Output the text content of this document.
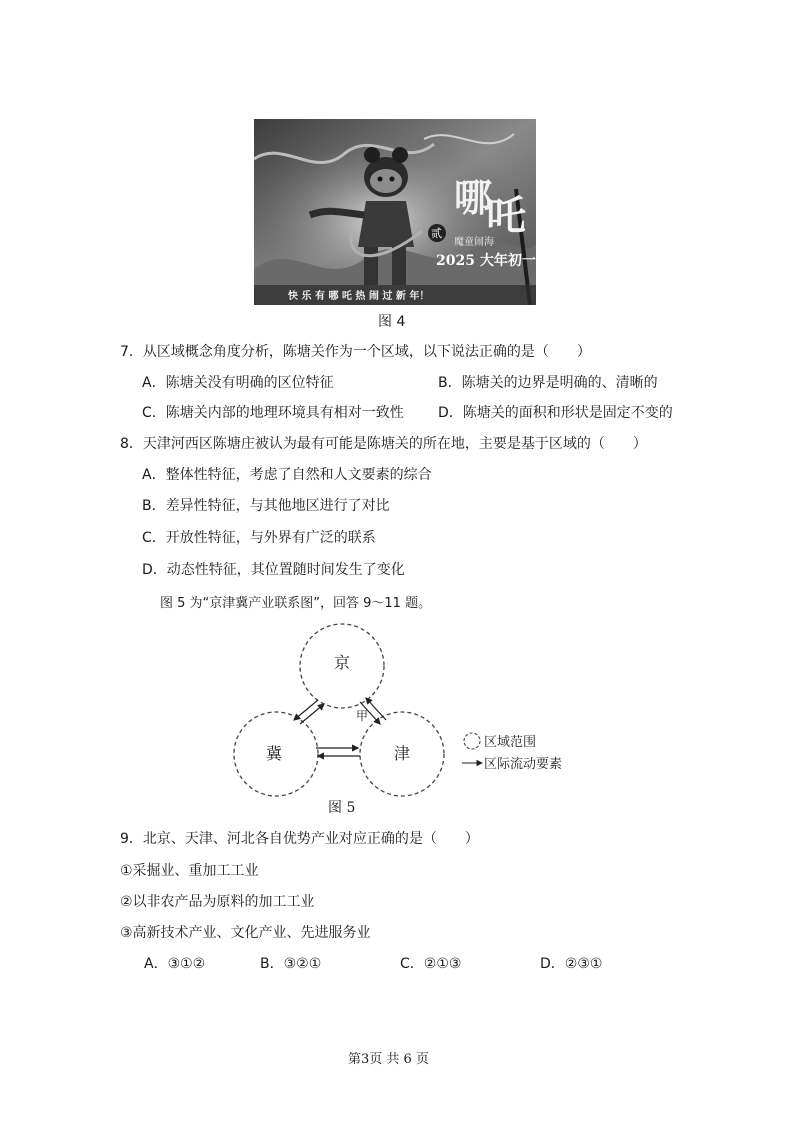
哪
吒
贰
魔童闹海
2025 大年初一
快 乐 有 哪 吒 热 闹 过 新 年！
图 4
7．从区域概念角度分析，陈塘关作为一个区域，以下说法正确的是（　　）
A．陈塘关没有明确的区位特征	B．陈塘关的边界是明确的、清晰的
C．陈塘关内部的地理环境具有相对一致性 D．陈塘关的面积和形状是固定不变的
8．天津河西区陈塘庄被认为最有可能是陈塘关的所在地，主要是基于区域的（　　）
A．整体性特征，考虑了自然和人文要素的综合
B．差异性特征，与其他地区进行了对比
C．开放性特征，与外界有广泛的联系
D．动态性特征，其位置随时间发生了变化
图 5 为“京津冀产业联系图”，回答 9～11 题。
京
冀	津
甲
区域范围
区际流动要素
图 5
9．北京、天津、河北各自优势产业对应正确的是（　　）
①采掘业、重加工工业
②以非农产品为原料的加工工业
③高新技术产业、文化产业、先进服务业
A．③①②	B．③②①	C．②①③	D．②③①
第3页 共 6 页
